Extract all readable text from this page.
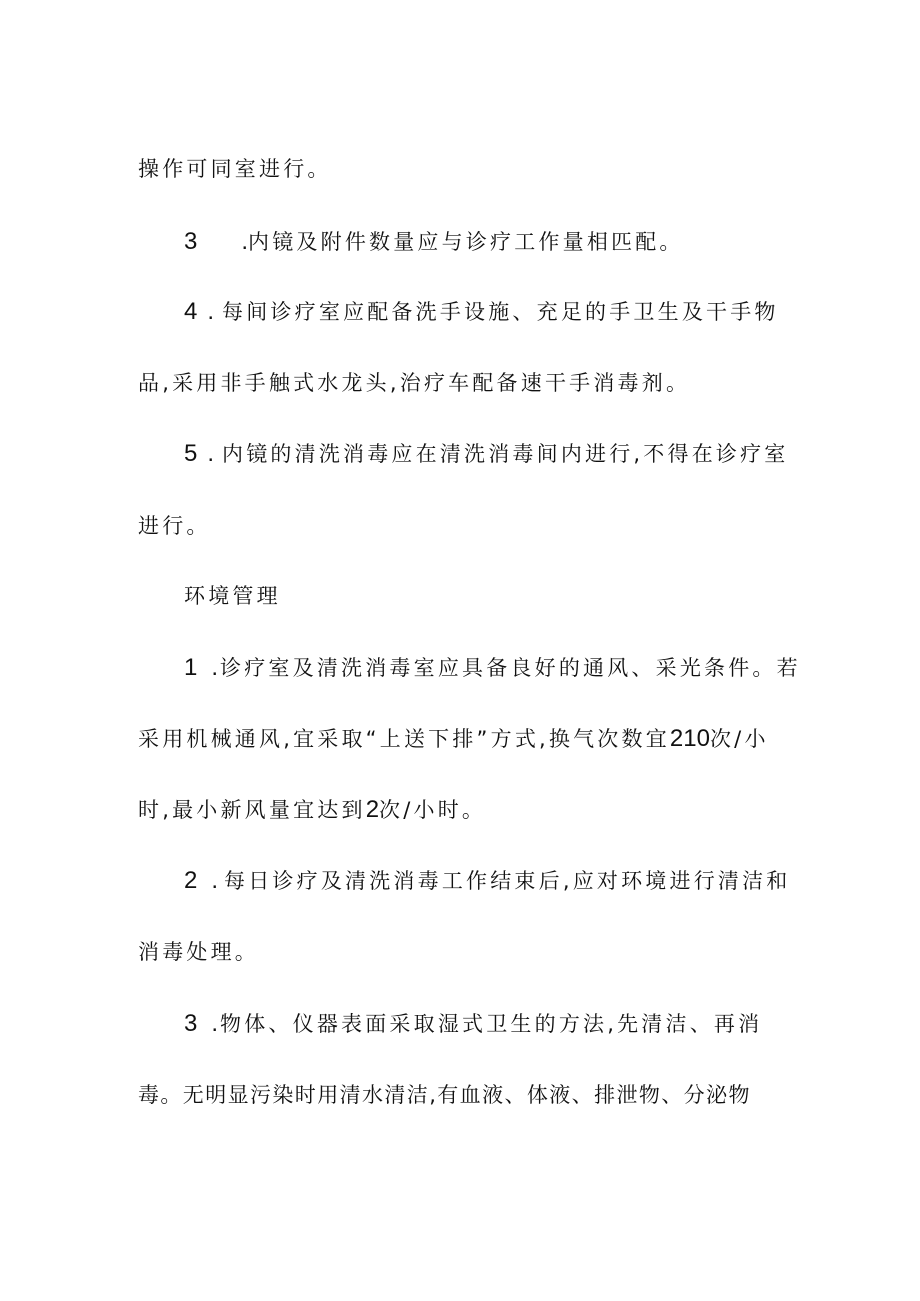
操作可同室进行。
3 .内镜及附件数量应与诊疗工作量相匹配。
4 . 每间诊疗室应配备洗手设施、充足的手卫生及干手物
品,采用非手触式水龙头,治疗车配备速干手消毒剂。
5 . 内镜的清洗消毒应在清洗消毒间内进行,不得在诊疗室
进行。
环境管理
1 .诊疗室及清洗消毒室应具备良好的通风、采光条件。若
采用机械通风,宜采取“上送下排”方式,换气次数宜210次/小
时,最小新风量宜达到2次/小时。
2 . 每日诊疗及清洗消毒工作结束后,应对环境进行清洁和
消毒处理。
3 .物体、仪器表面采取湿式卫生的方法,先清洁、再消
毒。无明显污染时用清水清洁,有血液、体液、排泄物、分泌物
